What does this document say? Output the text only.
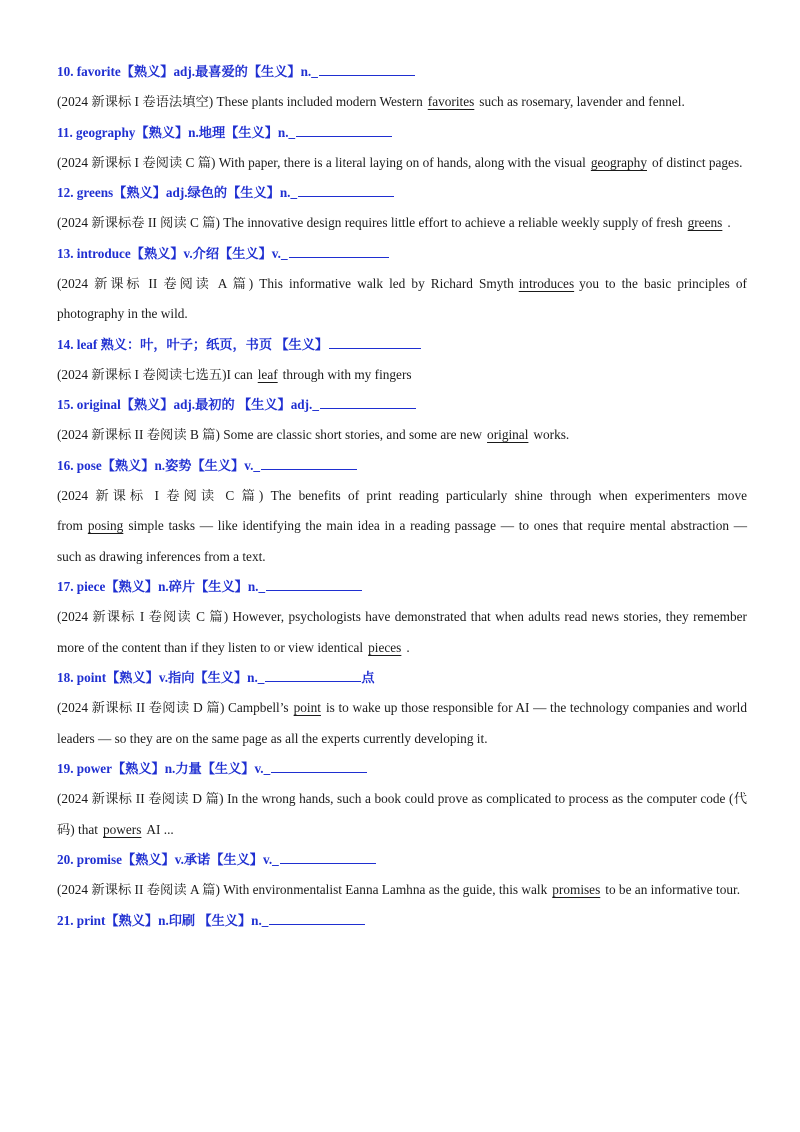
10. favorite【熟义】adj.最喜爱的【生义】n._
(2024 新课标 I 卷语法填空) These plants included modern Western favorites such as rosemary, lavender and fennel.
11. geography【熟义】n.地理【生义】n._
(2024 新课标 I 卷阅读 C 篇) With paper, there is a literal laying on of hands, along with the visual geography of distinct pages.
12. greens【熟义】adj.绿色的【生义】n._
(2024 新课标卷 II 阅读 C 篇) The innovative design requires little effort to achieve a reliable weekly supply of fresh greens .
13. introduce【熟义】v.介绍【生义】v._
(2024 新课标 II 卷阅读 A 篇) This informative walk led by Richard Smyth introduces you to the basic principles of photography in the wild.
14. leaf 熟义：叶，叶子；纸页，书页 【生义】
(2024 新课标 I 卷阅读七选五)I can leaf through with my fingers
15. original【熟义】adj.最初的 【生义】adj._
(2024 新课标 II 卷阅读 B 篇) Some are classic short stories, and some are new original works.
16. pose【熟义】n.姿势【生义】v._
(2024 新课标 I 卷阅读 C 篇) The benefits of print reading particularly shine through when experimenters move from posing simple tasks — like identifying the main idea in a reading passage — to ones that require mental abstraction — such as drawing inferences from a text.
17. piece【熟义】n.碎片【生义】n._
(2024 新课标 I 卷阅读 C 篇) However, psychologists have demonstrated that when adults read news stories, they remember more of the content than if they listen to or view identical pieces .
18. point【熟义】v.指向【生义】n._	点
(2024 新课标 II 卷阅读 D 篇) Campbell’s point is to wake up those responsible for AI — the technology companies and world leaders — so they are on the same page as all the experts currently developing it.
19. power【熟义】n.力量【生义】v._
(2024 新课标 II 卷阅读 D 篇) In the wrong hands, such a book could prove as complicated to process as the computer code (代码) that powers AI ...
20. promise【熟义】v.承诺【生义】v._
(2024 新课标 II 卷阅读 A 篇) With environmentalist Eanna Lamhna as the guide, this walk promises to be an informative tour.
21. print【熟义】n.印刷 【生义】n._
